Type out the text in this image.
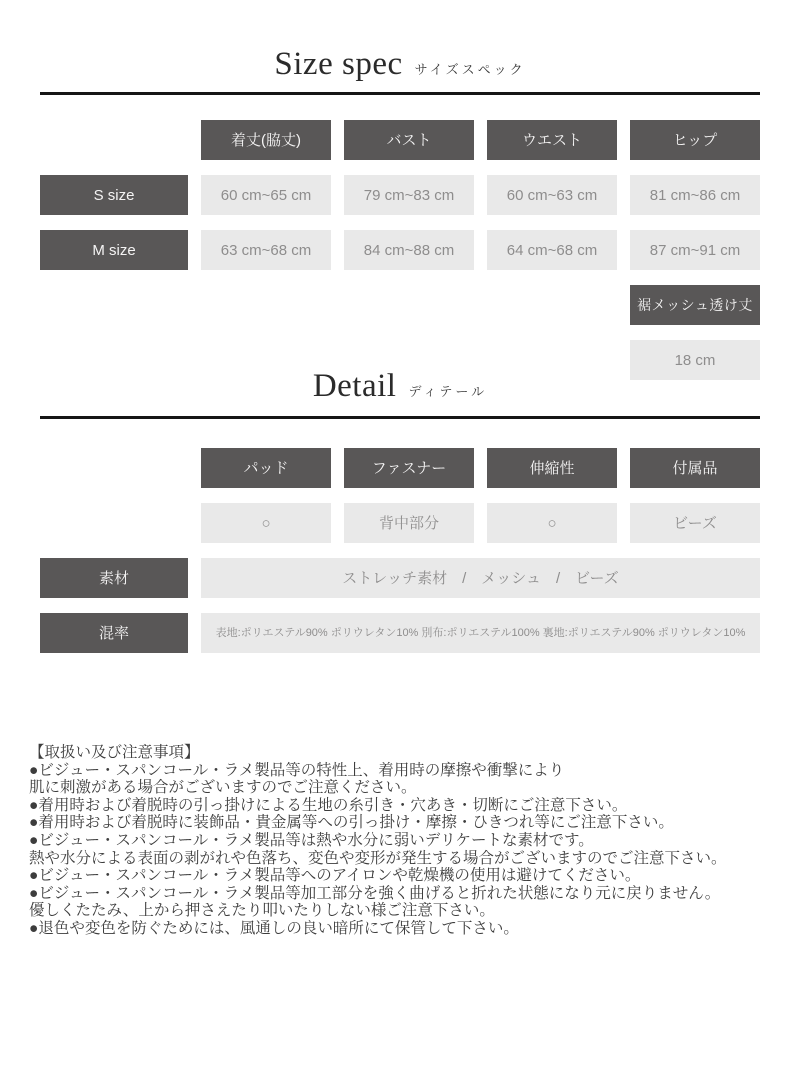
Size spec サイズスペック
着丈(脇丈)	バスト	ウエスト	ヒップ
S size	60 cm~65 cm	79 cm~83 cm	60 cm~63 cm	81 cm~86 cm
M size	63 cm~68 cm	84 cm~88 cm	64 cm~68 cm	87 cm~91 cm
裾メッシュ透け丈
18 cm
Detail ディテール
パッド	ファスナー	伸縮性	付属品
○	背中部分	○	ビーズ
素材	ストレッチ素材　/　メッシュ　/　ビーズ
混率	表地:ポリエステル90% ポリウレタン10% 別布:ポリエステル100% 裏地:ポリエステル90% ポリウレタン10%
【取扱い及び注意事項】
●ビジュー・スパンコール・ラメ製品等の特性上、着用時の摩擦や衝撃により
肌に刺激がある場合がございますのでご注意ください。
●着用時および着脱時の引っ掛けによる生地の糸引き・穴あき・切断にご注意下さい。
●着用時および着脱時に装飾品・貴金属等への引っ掛け・摩擦・ひきつれ等にご注意下さい。
●ビジュー・スパンコール・ラメ製品等は熱や水分に弱いデリケートな素材です。
熱や水分による表面の剥がれや色落ち、変色や変形が発生する場合がございますのでご注意下さい。
●ビジュー・スパンコール・ラメ製品等へのアイロンや乾燥機の使用は避けてください。
●ビジュー・スパンコール・ラメ製品等加工部分を強く曲げると折れた状態になり元に戻りません。
優しくたたみ、上から押さえたり叩いたりしない様ご注意下さい。
●退色や変色を防ぐためには、風通しの良い暗所にて保管して下さい。
